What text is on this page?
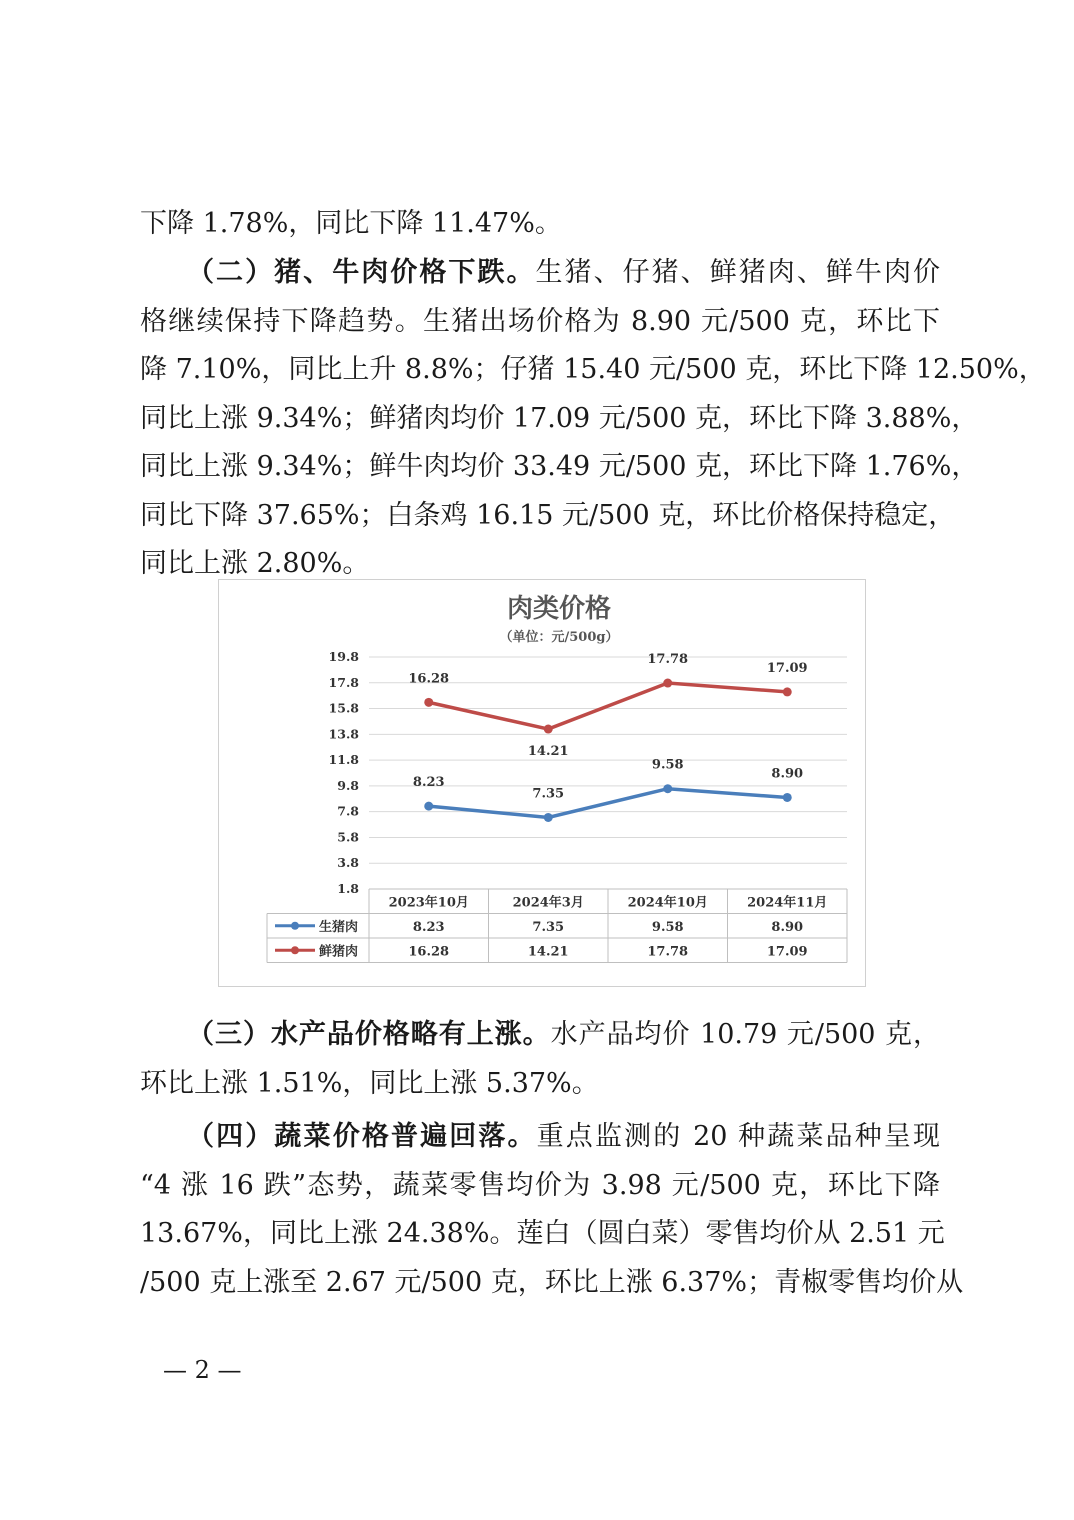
下降 1.78%，同比下降 11.47%。
（二）猪、牛肉价格下跌。生猪、仔猪、鲜猪肉、鲜牛肉价
格继续保持下降趋势。生猪出场价格为 8.90 元/500 克，环比下
降 7.10%，同比上升 8.8%；仔猪 15.40 元/500 克，环比下降 12.50%，
同比上涨 9.34%；鲜猪肉均价 17.09 元/500 克，环比下降 3.88%，
同比上涨 9.34%；鲜牛肉均价 33.49 元/500 克，环比下降 1.76%，
同比下降 37.65%；白条鸡 16.15 元/500 克，环比价格保持稳定，
同比上涨 2.80%。
肉类价格
（单位：元/500g）
1.8
3.8
5.8
7.8
9.8
11.8
13.8
15.8
17.8
19.8
8.23
7.35
9.58
8.90
16.28
14.21
17.78
17.09
2023年10月	2024年3月	2024年10月	2024年11月
生猪肉	8.23	7.35	9.58	8.90
鲜猪肉	16.28	14.21	17.78	17.09
（三）水产品价格略有上涨。水产品均价 10.79 元/500 克，
环比上涨 1.51%，同比上涨 5.37%。
（四）蔬菜价格普遍回落。重点监测的 20 种蔬菜品种呈现
“4 涨 16 跌”态势，蔬菜零售均价为 3.98 元/500 克，环比下降
13.67%，同比上涨 24.38%。莲白（圆白菜）零售均价从 2.51 元
/500 克上涨至 2.67 元/500 克，环比上涨 6.37%；青椒零售均价从
— 2 —
